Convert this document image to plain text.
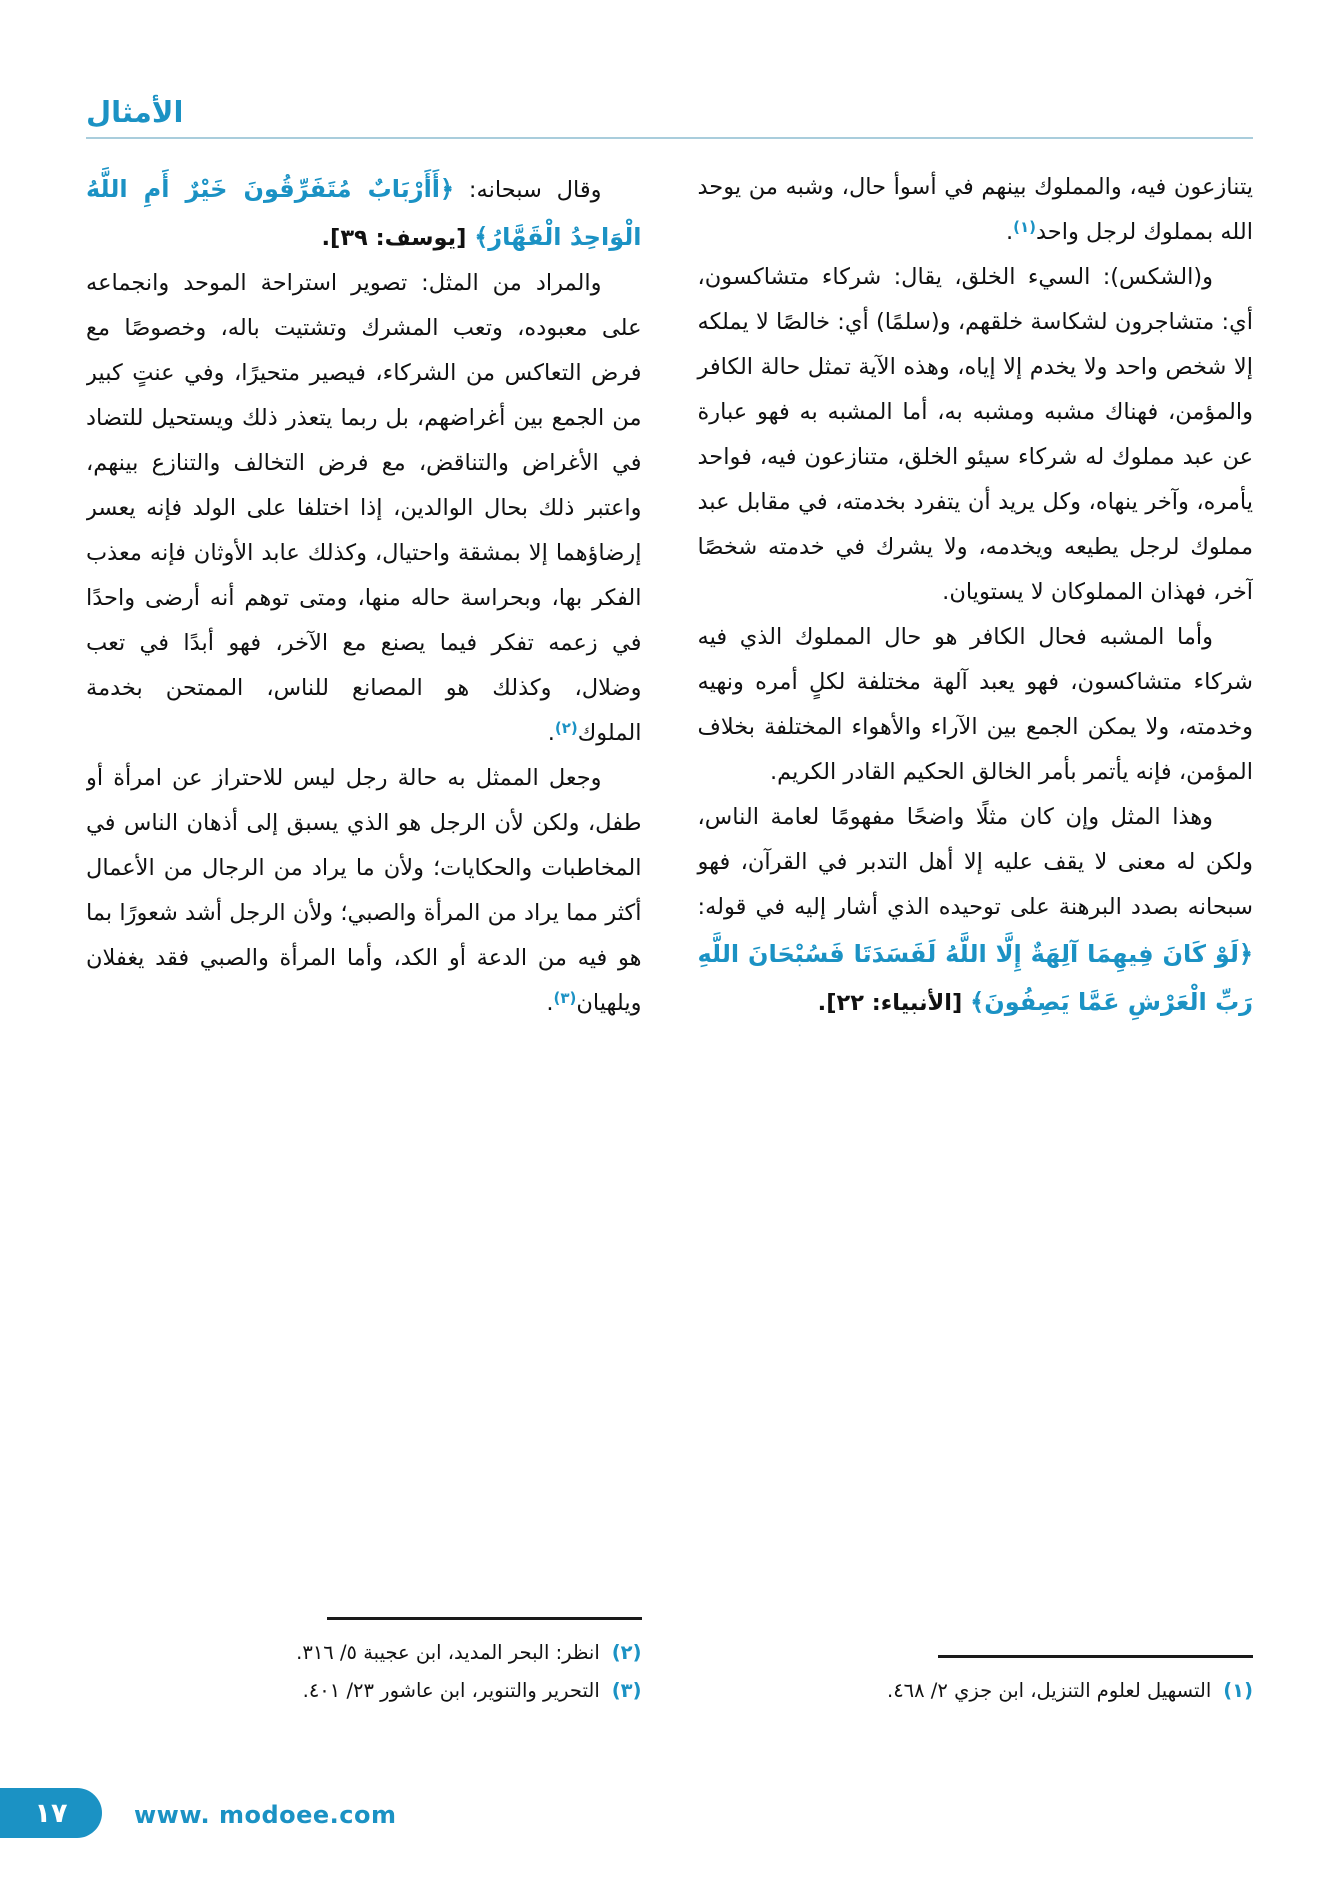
الأمثال

يتنازعون فيه، والمملوك بينهم في أسوأ حال، وشبه من يوحد الله بمملوك لرجل واحد$^{(١)}$.

و(الشكس): السيء الخلق، يقال: شركاء متشاكسون، أي: متشاجرون لشكاسة خلقهم، و(سلمًا) أي: خالصًا لا يملكه إلا شخص واحد ولا يخدم إلا إياه، وهذه الآية تمثل حالة الكافر والمؤمن، فهناك مشبه ومشبه به، أما المشبه به فهو عبارة عن عبد مملوك له شركاء سيئو الخلق، متنازعون فيه، فواحد يأمره، وآخر ينهاه، وكل يريد أن يتفرد بخدمته، في مقابل عبد مملوك لرجل يطيعه ويخدمه، ولا يشرك في خدمته شخصًا آخر، فهذان المملوكان لا يستويان.

وأما المشبه فحال الكافر هو حال المملوك الذي فيه شركاء متشاكسون، فهو يعبد آلهة مختلفة لكلٍ أمره ونهيه وخدمته، ولا يمكن الجمع بين الآراء والأهواء المختلفة بخلاف المؤمن، فإنه يأتمر بأمر الخالق الحكيم القادر الكريم.

وهذا المثل وإن كان مثلًا واضحًا مفهومًا لعامة الناس، ولكن له معنى لا يقف عليه إلا أهل التدبر في القرآن، فهو سبحانه بصدد البرهنة على توحيده الذي أشار إليه في قوله: ﴿لَوْ كَانَ فِيهِمَا آلِهَةٌ إِلَّا اللَّهُ لَفَسَدَتَا فَسُبْحَانَ اللَّهِ رَبِّ الْعَرْشِ عَمَّا يَصِفُونَ﴾ [الأنبياء: ٢٢].

(١)التسهيل لعلوم التنزيل، ابن جزي ٢/ ٤٦٨.

وقال سبحانه: ﴿أَأَرْبَابٌ مُتَفَرِّقُونَ خَيْرٌ أَمِ اللَّهُ الْوَاحِدُ الْقَهَّارُ﴾ [يوسف: ٣٩].

والمراد من المثل: تصوير استراحة الموحد وانجماعه على معبوده، وتعب المشرك وتشتيت باله، وخصوصًا مع فرض التعاكس من الشركاء، فيصير متحيرًا، وفي عنتٍ كبير من الجمع بين أغراضهم، بل ربما يتعذر ذلك ويستحيل للتضاد في الأغراض والتناقض، مع فرض التخالف والتنازع بينهم، واعتبر ذلك بحال الوالدين، إذا اختلفا على الولد فإنه يعسر إرضاؤهما إلا بمشقة واحتيال، وكذلك عابد الأوثان فإنه معذب الفكر بها، وبحراسة حاله منها، ومتى توهم أنه أرضى واحدًا في زعمه تفكر فيما يصنع مع الآخر، فهو أبدًا في تعب وضلال، وكذلك هو المصانع للناس، الممتحن بخدمة الملوك$^{(٢)}$.

وجعل الممثل به حالة رجل ليس للاحتراز عن امرأة أو طفل، ولكن لأن الرجل هو الذي يسبق إلى أذهان الناس في المخاطبات والحكايات؛ ولأن ما يراد من الرجال من الأعمال أكثر مما يراد من المرأة والصبي؛ ولأن الرجل أشد شعورًا بما هو فيه من الدعة أو الكد، وأما المرأة والصبي فقد يغفلان ويلهيان$^{(٣)}$.

(٢)انظر: البحر المديد، ابن عجيبة ٥/ ٣١٦.
(٣)التحرير والتنوير، ابن عاشور ٢٣/ ٤٠١.
١٧	www. modoee.com
